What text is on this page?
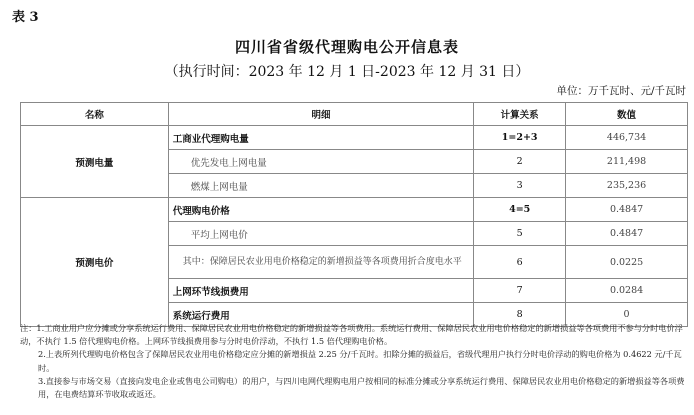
表 3
四川省省级代理购电公开信息表
（执行时间：2023 年 12 月 1 日-2023 年 12 月 31 日）
单位：万千瓦时、元/千瓦时
名称	明细	计算关系	数值
预测电量	工商业代理购电量	1=2+3	446,734
	优先发电上网电量	2	211,498
	燃煤上网电量	3	235,236
预测电价	代理购电价格	4=5	0.4847
	平均上网电价	5	0.4847
	其中：保障居民农业用电价格稳定的新增损益等各项费用折合度电水平	6	0.0225
	上网环节线损费用	7	0.0284
	系统运行费用	8	0

注：1.工商业用户应分摊或分享系统运行费用、保障居民农业用电价格稳定的新增损益等各项费用。系统运行费用、保障居民农业用电价格稳定的新增损益等各项费用不参与分时电价浮动，不执行 1.5 倍代理购电价格。上网环节线损费用参与分时电价浮动，不执行 1.5 倍代理购电价格。

2.上表所列代理购电价格包含了保障居民农业用电价格稳定应分摊的新增损益 2.25 分/千瓦时。扣除分摊的损益后，省级代理用户执行分时电价浮动的购电价格为 0.4622 元/千瓦时。

3.直接参与市场交易（直接向发电企业或售电公司购电）的用户，与四川电网代理购电用户按相同的标准分摊或分享系统运行费用、保障居民农业用电价格稳定的新增损益等各项费用，在电费结算环节收取或返还。
